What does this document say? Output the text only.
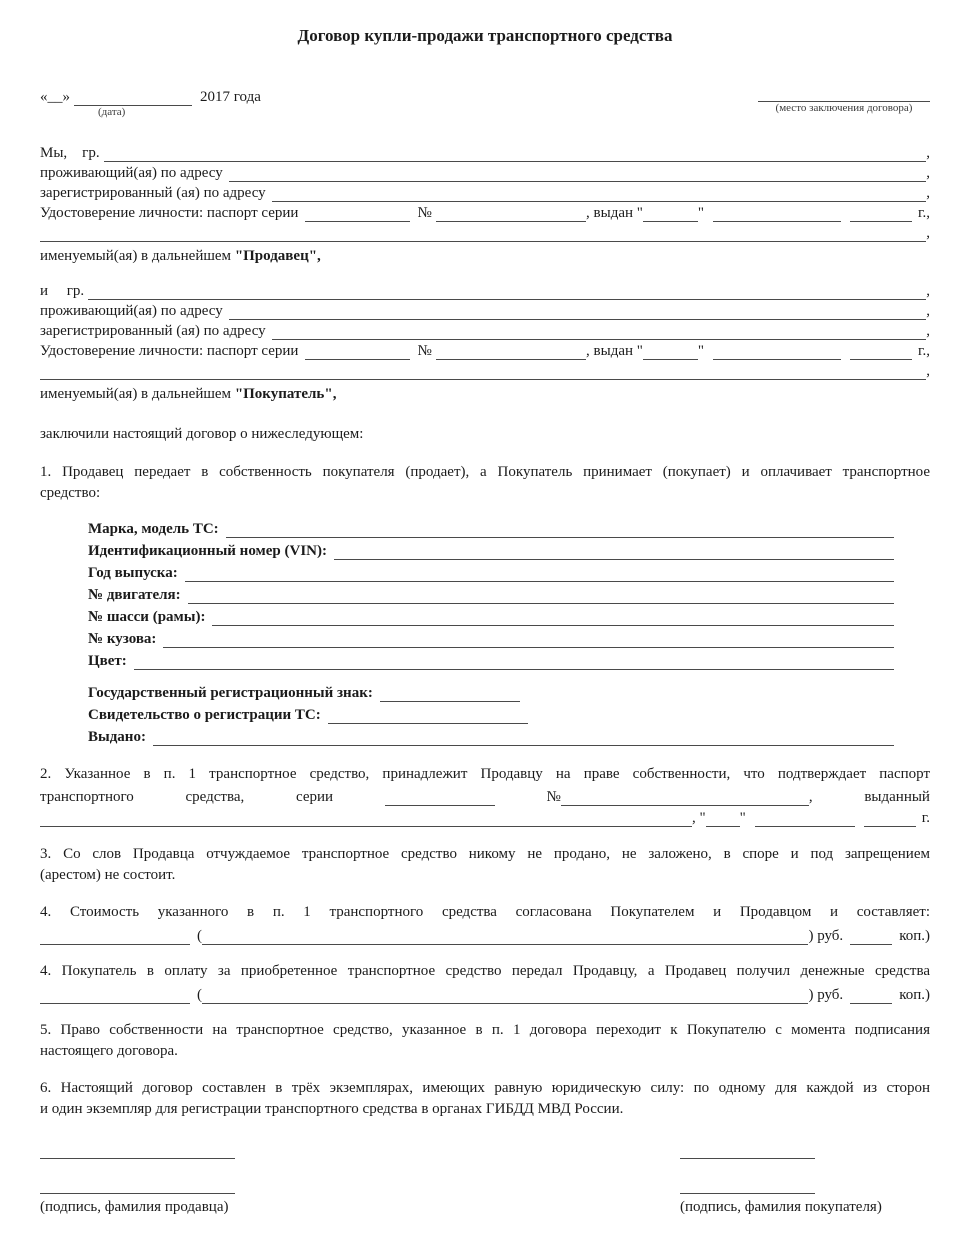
Договор купли-продажи транспортного средства
«__»	2017 года
(дата)	(место заключения договора)
Мы,    гр.	,
проживающий(ая) по адресу	,
зарегистрированный (ая) по адресу	,
Удостоверение личности: паспорт серии	№	, выдан "	"	г.,
,
именуемый(ая) в дальнейшем "Продавец",
и     гр.	,
проживающий(ая) по адресу	,
зарегистрированный (ая) по адресу	,
Удостоверение личности: паспорт серии	№	, выдан "	"	г.,
,
именуемый(ая) в дальнейшем "Покупатель",
заключили настоящий договор о нижеследующем:
1. Продавец передает в собственность покупателя (продает), а Покупатель принимает (покупает) и оплачивает транспортное
средство:
Марка, модель ТС:
Идентификационный номер (VIN):
Год выпуска:
№ двигателя:
№ шасси (рамы):
№ кузова:
Цвет:
Государственный регистрационный знак:
Свидетельство о регистрации ТС:
Выдано:
2. Указанное в п. 1 транспортное средство, принадлежит Продавцу на праве собственности, что подтверждает паспорт
транспортного	средства,	серии	№	,	выданный
, " "	г.
3. Со слов Продавца отчуждаемое транспортное средство никому не продано, не заложено, в споре и под запрещением
(арестом) не состоит.
4. Стоимость указанного в п. 1 транспортного средства согласована Покупателем и Продавцом и составляет:
(	) руб.	коп.)
4. Покупатель в оплату за приобретенное транспортное средство передал Продавцу, а Продавец получил денежные средства
(	) руб.	коп.)
5. Право собственности на транспортное средство, указанное в п. 1 договора переходит к Покупателю с момента подписания
настоящего договора.
6. Настоящий договор составлен в трёх экземплярах, имеющих равную юридическую силу: по одному для каждой из сторон
и один экземпляр для регистрации транспортного средства в органах ГИБДД МВД России.
(подпись, фамилия продавца)	(подпись, фамилия покупателя)
